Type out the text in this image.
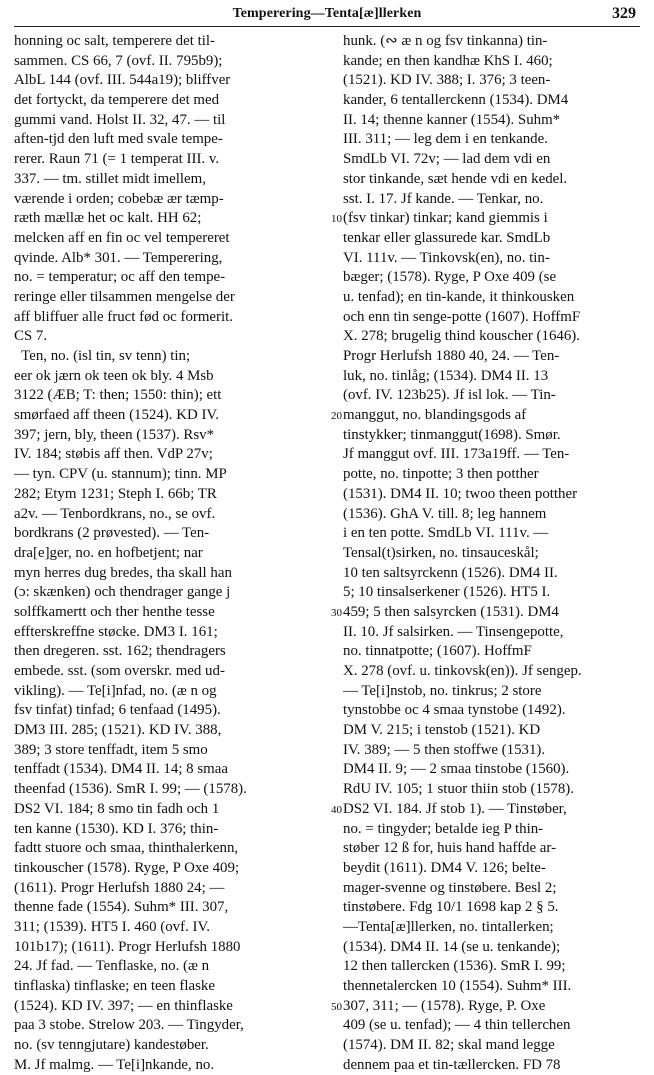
Temperering—Tenta[æ]llerken	329
honning oc salt, temperere det til-
sammen. CS 66, 7 (ovf. II. 795b9);
AlbL 144 (ovf. III. 544a19); bliffver
det fortyckt, da temperere det med
gummi vand. Holst II. 32, 47. — til
aften-tjd den luft med svale tempe-
rerer. Raun 71 (= 1 temperat III. v.
337. — tm. stillet midt imellem,
værende i orden; cobebæ ær tæmp-
ræth mællæ het oc kalt. HH 62;
melcken aff en fin oc vel tempereret
qvinde. Alb* 301. — Temperering,
no. = temperatur; oc aff den tempe-
reringe eller tilsammen mengelse der
aff bliffuer alle fruct fød oc formerit.
CS 7.
Ten, no. (isl tin, sv tenn) tin;
eer ok jærn ok teen ok bly. 4 Msb
3122 (ÆB; T: then; 1550: thin); ett
smørfaed aff theen (1524). KD IV.
397; jern, bly, theen (1537). Rsv*
IV. 184; støbis aff then. VdP 27v;
— tyn. CPV (u. stannum); tinn. MP
282; Etym 1231; Steph I. 66b; TR
a2v. — Tenbordkrans, no., se ovf.
bordkrans (2 prøvested). — Ten-
dra[e]ger, no. en hofbetjent; nar
myn herres dug bredes, tha skall han
(ɔ: skænken) och thendrager gange j
solffkamertt och ther henthe tesse
effterskreffne støcke. DM3 I. 161;
then dregeren. sst. 162; thendragers
embede. sst. (som overskr. med ud-
vikling). — Te[i]nfad, no. (æ n og
fsv tinfat) tinfad; 6 tenfaad (1495).
DM3 III. 285; (1521). KD IV. 388,
389; 3 store tenffadt, item 5 smo
tenffadt (1534). DM4 II. 14; 8 smaa
theenfad (1536). SmR I. 99; — (1578).
DS2 VI. 184; 8 smo tin fadh och 1
ten kanne (1530). KD I. 376; thin-
fadtt stuore och smaa, thinthalerkenn,
tinkouscher (1578). Ryge, P Oxe 409;
(1611). Progr Herlufsh 1880 24; —
thenne fade (1554). Suhm* III. 307,
311; (1539). HT5 I. 460 (ovf. IV.
101b17); (1611). Progr Herlufsh 1880
24. Jf fad. — Tenflaske, no. (æ n
tinflaska) tinflaske; en teen flaske
(1524). KD IV. 397; — en thinflaske
paa 3 stobe. Strelow 203. — Tingyder,
no. (sv tenngjutare) kandestøber.
M. Jf malmg. — Te[i]nkande, no.
10
20
30
40
50
hunk. (∾ æ n og fsv tinkanna) tin-
kande; en then kandhæ KhS I. 460;
(1521). KD IV. 388; I. 376; 3 teen-
kander, 6 tentallerckenn (1534). DM4
II. 14; thenne kanner (1554). Suhm*
III. 311; — leg dem i en tenkande.
SmdLb VI. 72v; — lad dem vdi en
stor tinkande, sæt hende vdi en kedel.
sst. I. 17. Jf kande. — Tenkar, no.
(fsv tinkar) tinkar; kand giemmis i
tenkar eller glassurede kar. SmdLb
VI. 111v. — Tinkovsk(en), no. tin-
bæger; (1578). Ryge, P Oxe 409 (se
u. tenfad); en tin-kande, it thinkousken
och enn tin senge-potte (1607). HoffmF
X. 278; brugelig thind kouscher (1646).
Progr Herlufsh 1880 40, 24. — Ten-
luk, no. tinlåg; (1534). DM4 II. 13
(ovf. IV. 123b25). Jf isl lok. — Tin-
manggut, no. blandingsgods af
tinstykker; tinmanggut(1698). Smør.
Jf manggut ovf. III. 173a19ff. — Ten-
potte, no. tinpotte; 3 then potther
(1531). DM4 II. 10; twoo theen potther
(1536). GhA V. till. 8; leg hannem
i en ten potte. SmdLb VI. 111v. —
Tensal(t)sirken, no. tinsauceskål;
10 ten saltsyrckenn (1526). DM4 II.
5; 10 tinsalserkener (1526). HT5 I.
459; 5 then salsyrcken (1531). DM4
II. 10. Jf salsirken. — Tinsengepotte,
no. tinnatpotte; (1607). HoffmF
X. 278 (ovf. u. tinkovsk(en)). Jf sengep.
— Te[i]nstob, no. tinkrus; 2 store
tynstobbe oc 4 smaa tynstobe (1492).
DM V. 215; i tenstob (1521). KD
IV. 389; — 5 then stoffwe (1531).
DM4 II. 9; — 2 smaa tinstobe (1560).
RdU IV. 105; 1 stuor thiin stob (1578).
DS2 VI. 184. Jf stob 1). — Tinstøber,
no. = tingyder; betalde ieg P thin-
støber 12 ß for, huis hand haffde ar-
beydit (1611). DM4 V. 126; belte-
mager-svenne og tinstøbere. Besl 2;
tinstøbere. Fdg 10/1 1698 kap 2 § 5.
—Tenta[æ]llerken, no. tintallerken;
(1534). DM4 II. 14 (se u. tenkande);
12 then tallercken (1536). SmR I. 99;
thennetalercken 10 (1554). Suhm* III.
307, 311; — (1578). Ryge, P. Oxe
409 (se u. tenfad); — 4 thin tellerchen
(1574). DM II. 82; skal mand legge
dennem paa et tin-tællercken. FD 78
